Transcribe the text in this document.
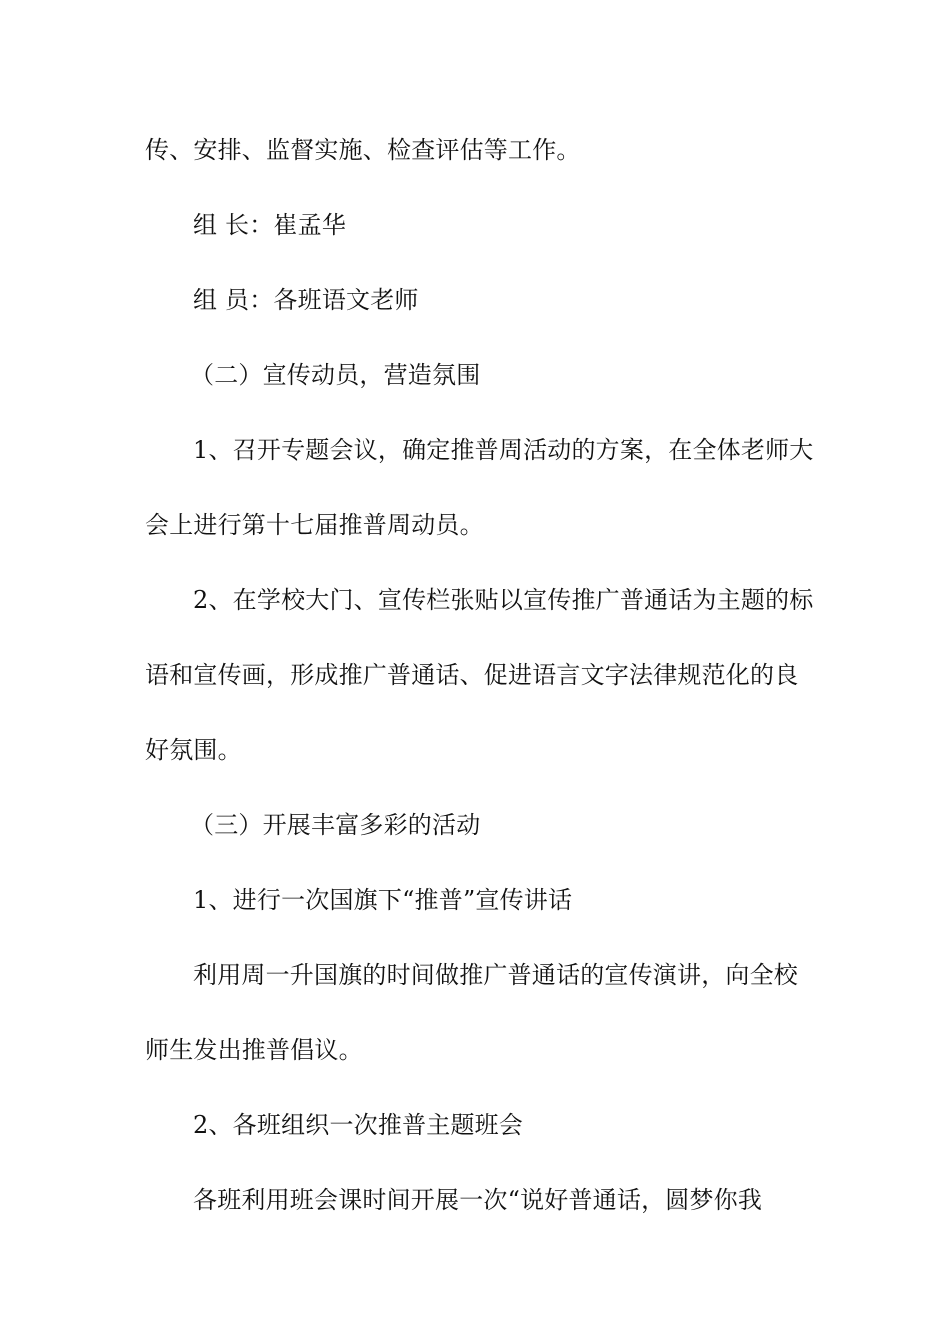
传、安排、监督实施、检查评估等工作。
组 长：崔孟华
组 员：各班语文老师
（二）宣传动员，营造氛围
1、召开专题会议，确定推普周活动的方案，在全体老师大
会上进行第十七届推普周动员。
2、在学校大门、宣传栏张贴以宣传推广普通话为主题的标
语和宣传画，形成推广普通话、促进语言文字法律规范化的良
好氛围。
（三）开展丰富多彩的活动
1、进行一次国旗下“推普”宣传讲话
利用周一升国旗的时间做推广普通话的宣传演讲，向全校
师生发出推普倡议。
2、各班组织一次推普主题班会
各班利用班会课时间开展一次“说好普通话，圆梦你我
